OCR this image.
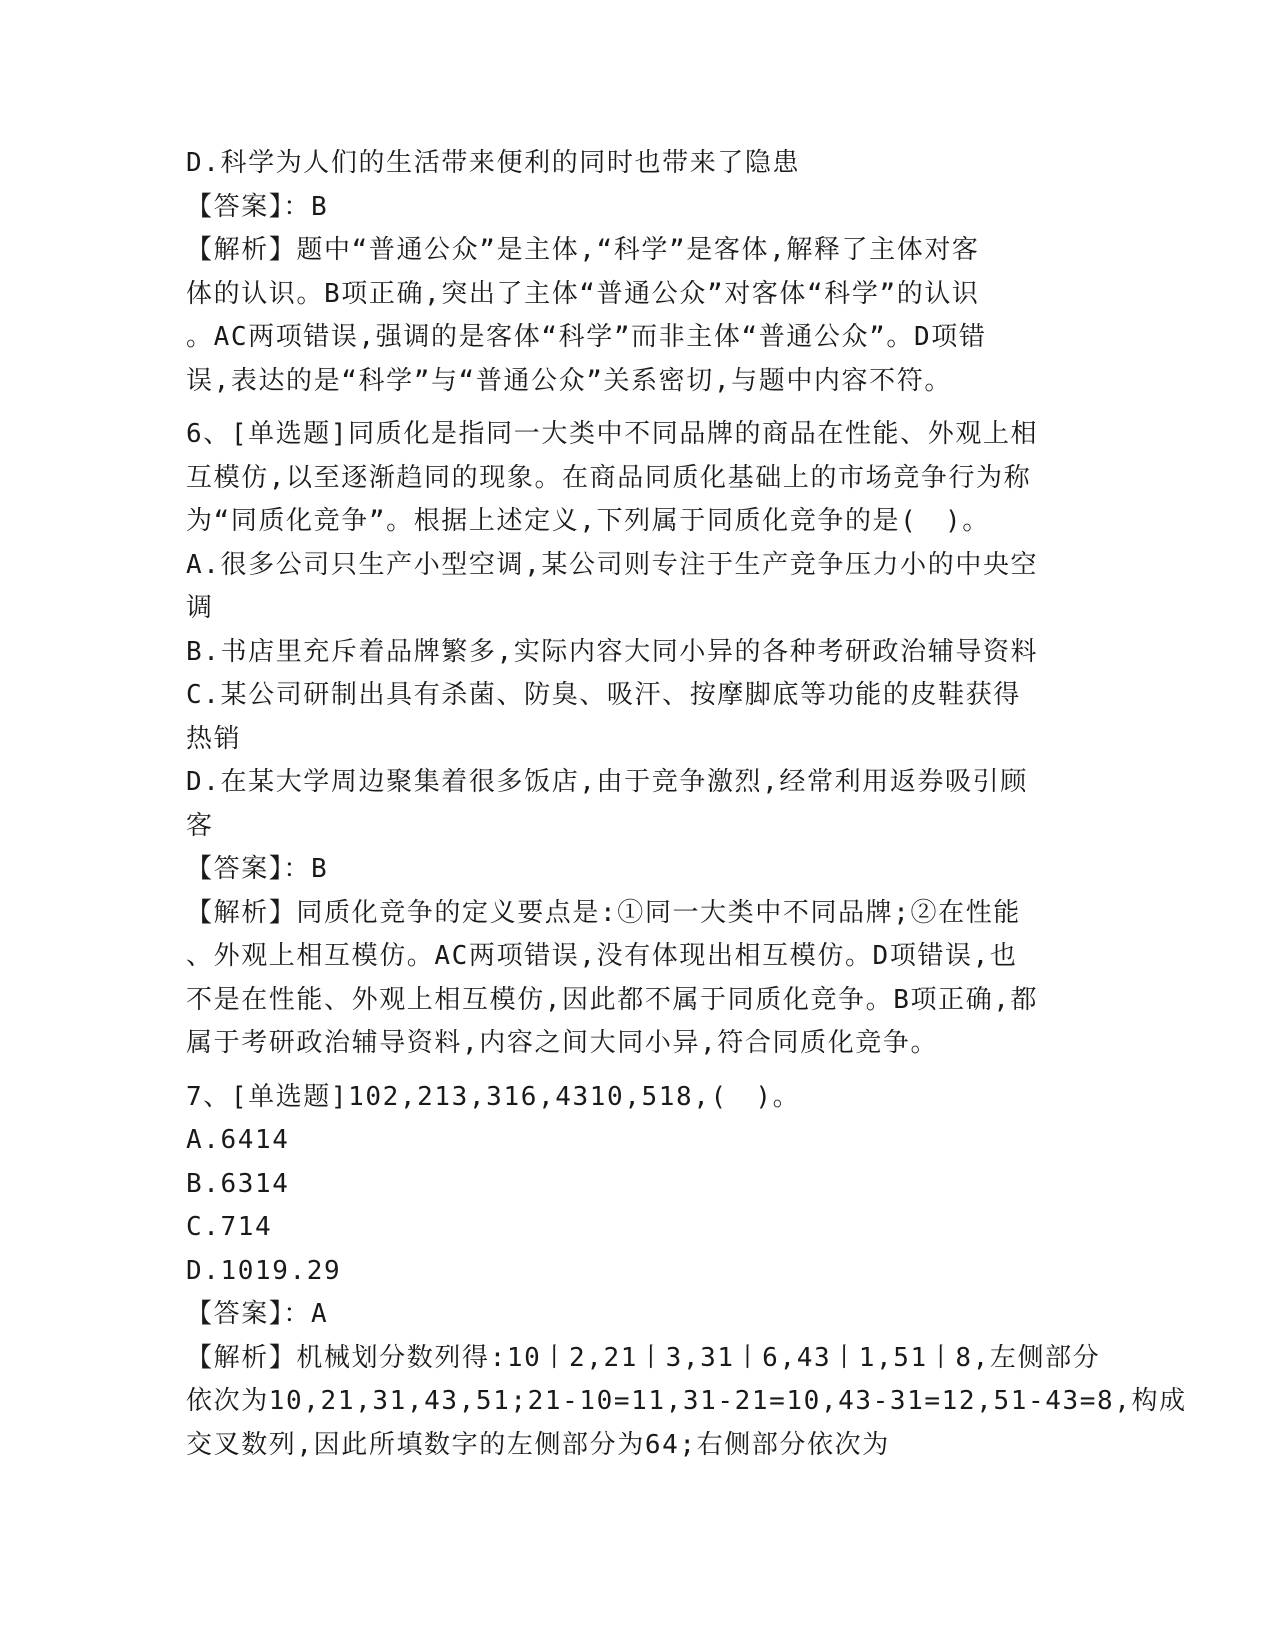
D.科学为人们的生活带来便利的同时也带来了隐患
【答案】：B
【解析】题中“普通公众”是主体,“科学”是客体,解释了主体对客
体的认识。B项正确,突出了主体“普通公众”对客体“科学”的认识
。AC两项错误,强调的是客体“科学”而非主体“普通公众”。D项错
误,表达的是“科学”与“普通公众”关系密切,与题中内容不符。
6、[单选题]同质化是指同一大类中不同品牌的商品在性能、外观上相
互模仿,以至逐渐趋同的现象。在商品同质化基础上的市场竞争行为称
为“同质化竞争”。根据上述定义,下列属于同质化竞争的是(　)。
A.很多公司只生产小型空调,某公司则专注于生产竞争压力小的中央空
调
B.书店里充斥着品牌繁多,实际内容大同小异的各种考研政治辅导资料
C.某公司研制出具有杀菌、防臭、吸汗、按摩脚底等功能的皮鞋获得
热销
D.在某大学周边聚集着很多饭店,由于竞争激烈,经常利用返券吸引顾
客
【答案】：B
【解析】同质化竞争的定义要点是:①同一大类中不同品牌;②在性能
、外观上相互模仿。AC两项错误,没有体现出相互模仿。D项错误,也
不是在性能、外观上相互模仿,因此都不属于同质化竞争。B项正确,都
属于考研政治辅导资料,内容之间大同小异,符合同质化竞争。
7、[单选题]102,213,316,4310,518,(　)。
A.6414
B.6314
C.714
D.1019.29
【答案】：A
【解析】机械划分数列得:10丨2,21丨3,31丨6,43丨1,51丨8,左侧部分
依次为10,21,31,43,51;21-10=11,31-21=10,43-31=12,51-43=8,构成
交叉数列,因此所填数字的左侧部分为64;右侧部分依次为
